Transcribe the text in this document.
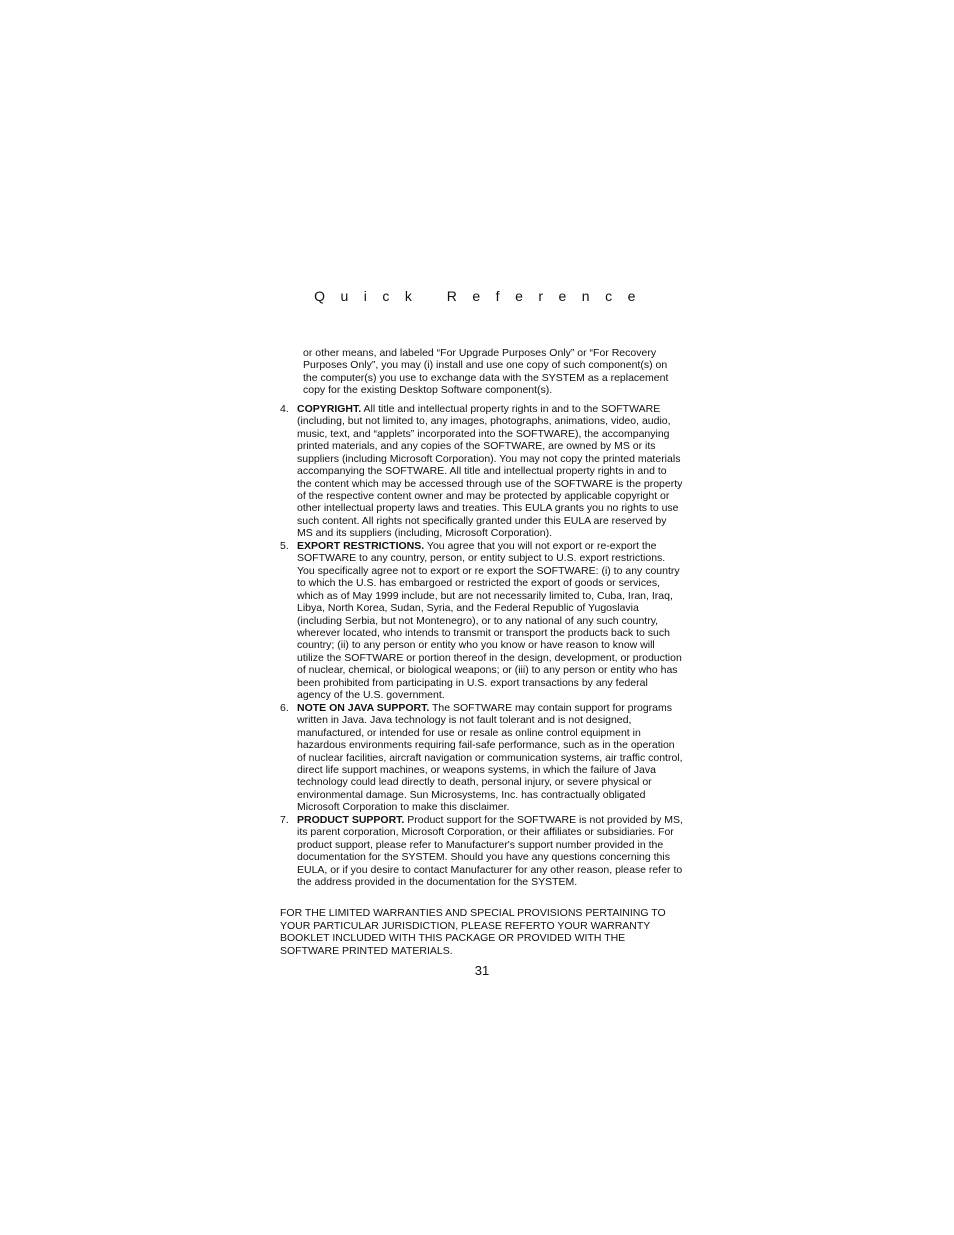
Quick Reference

or other means, and labeled “For Upgrade Purposes Only” or “For Recovery Purposes Only”, you may (i) install and use one copy of such component(s) on the computer(s) you use to exchange data with the SYSTEM as a replacement copy for the existing Desktop Software component(s).

4. COPYRIGHT. All title and intellectual property rights in and to the SOFTWARE (including, but not limited to, any images, photographs, animations, video, audio, music, text, and “applets” incorporated into the SOFTWARE), the accompanying printed materials, and any copies of the SOFTWARE, are owned by MS or its suppliers (including Microsoft Corporation). You may not copy the printed materials accompanying the SOFTWARE. All title and intellectual property rights in and to the content which may be accessed through use of the SOFTWARE is the property of the respective content owner and may be protected by applicable copyright or other intellectual property laws and treaties. This EULA grants you no rights to use such content. All rights not specifically granted under this EULA are reserved by MS and its suppliers (including, Microsoft Corporation).

5. EXPORT RESTRICTIONS. You agree that you will not export or re-export the SOFTWARE to any country, person, or entity subject to U.S. export restrictions. You specifically agree not to export or re export the SOFTWARE: (i) to any country to which the U.S. has embargoed or restricted the export of goods or services, which as of May 1999 include, but are not necessarily limited to, Cuba, Iran, Iraq, Libya, North Korea, Sudan, Syria, and the Federal Republic of Yugoslavia (including Serbia, but not Montenegro), or to any national of any such country, wherever located, who intends to transmit or transport the products back to such country; (ii) to any person or entity who you know or have reason to know will utilize the SOFTWARE or portion thereof in the design, development, or production of nuclear, chemical, or biological weapons; or (iii) to any person or entity who has been prohibited from participating in U.S. export transactions by any federal agency of the U.S. government.

6. NOTE ON JAVA SUPPORT. The SOFTWARE may contain support for programs written in Java. Java technology is not fault tolerant and is not designed, manufactured, or intended for use or resale as online control equipment in hazardous environments requiring fail-safe performance, such as in the operation of nuclear facilities, aircraft navigation or communication systems, air traffic control, direct life support machines, or weapons systems, in which the failure of Java technology could lead directly to death, personal injury, or severe physical or environmental damage. Sun Microsystems, Inc. has contractually obligated Microsoft Corporation to make this disclaimer.

7. PRODUCT SUPPORT. Product support for the SOFTWARE is not provided by MS, its parent corporation, Microsoft Corporation, or their affiliates or subsidiaries. For product support, please refer to Manufacturer's support number provided in the documentation for the SYSTEM. Should you have any questions concerning this EULA, or if you desire to contact Manufacturer for any other reason, please refer to the address provided in the documentation for the SYSTEM.

FOR THE LIMITED WARRANTIES AND SPECIAL PROVISIONS PERTAINING TO YOUR PARTICULAR JURISDICTION, PLEASE REFERTO YOUR WARRANTY BOOKLET INCLUDED WITH THIS PACKAGE OR PROVIDED WITH THE SOFTWARE PRINTED MATERIALS.

31
